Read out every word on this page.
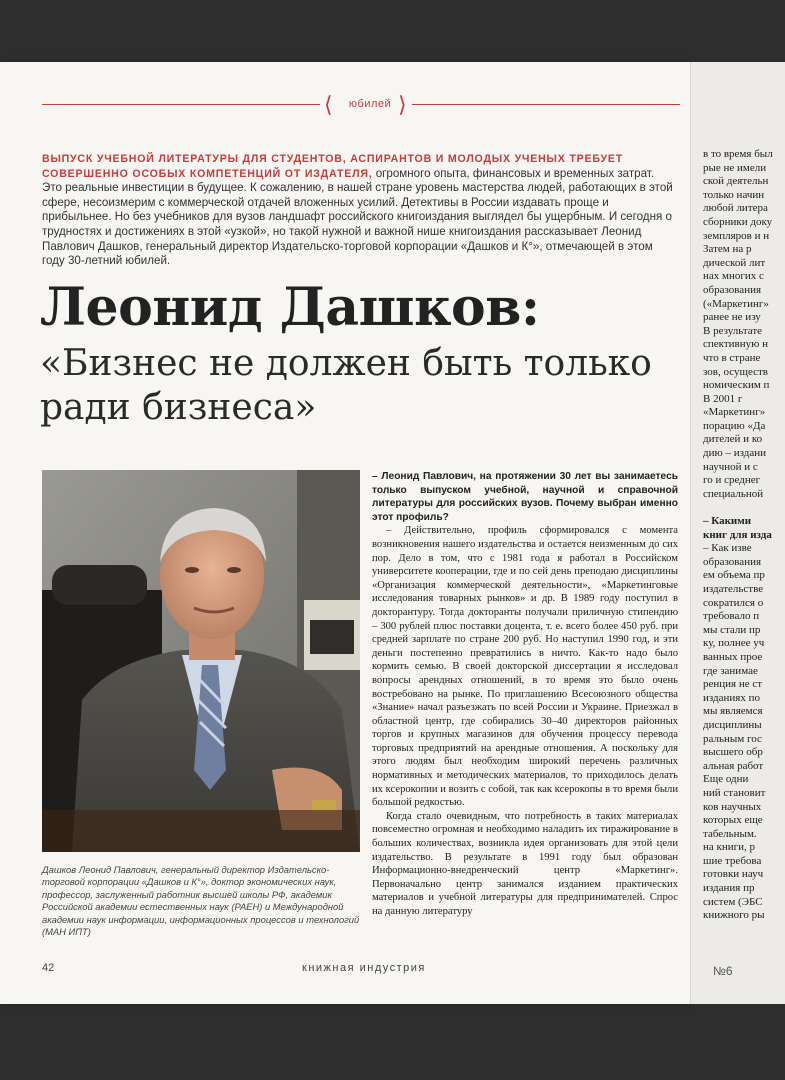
в то время был

рые не имели

ской деятельн

только начин

любой литера

сборники доку

земпляров и н

Затем на р

дической лит

нах многих с

образования

(«Маркетинг»

ранее не изу

В результате

спективную н

что в стране

зов, осуществ

номическим п

В 2001 г

«Маркетинг»

порацию «Да

дителей и ко

дию – издани

научной и с

го и среднег

специальной

– Какими

книг для изда

– Как изве

образования

ем объема пр

издательстве

сократился о

требовало п

мы стали пр

ку, полнее уч

ванных прое

где занимае

ренция не ст

изданиях по

мы являемся

дисциплины

ральным гос

высшего обр

альная работ

Еще одни

ний становит

ков научных

которых еще

табельным.

на книги, р

шие требова

готовки науч

издания пр

систем (ЭБС

книжного ры

№6
⟨	юбилей ⟩
ВЫПУСК УЧЕБНОЙ ЛИТЕРАТУРЫ ДЛЯ СТУДЕНТОВ, АСПИРАНТОВ И МОЛОДЫХ УЧЕНЫХ ТРЕБУЕТ СОВЕРШЕННО ОСОБЫХ КОМПЕТЕНЦИЙ ОТ ИЗДАТЕЛЯ, огромного опыта, финансовых и временных затрат. Это реальные инвестиции в будущее. К сожалению, в нашей стране уровень мастерства людей, работающих в этой сфере, несоизмерим с коммерческой отдачей вложенных усилий. Детективы в России издавать проще и прибыльнее. Но без учебников для вузов ландшафт российского книгоиздания выглядел бы ущербным. И сегодня о трудностях и достижениях в этой «узкой», но такой нужной и важной нише книгоиздания рассказывает Леонид Павлович Дашков, генеральный директор Издательско-торговой корпорации «Дашков и К°», отмечающей в этом году 30-летний юбилей.
Леонид Дашков:
«Бизнес не должен быть только ради бизнеса»
Дашков Леонид Павлович, генеральный директор Издательско-торговой корпорации «Дашков и К°», доктор экономических наук, профессор, заслуженный работник высшей школы РФ, академик Российской академии естественных наук (РАЕН) и Международной академии наук информации, информационных процессов и технологий (МАН ИПТ)

– Леонид Павлович, на протяжении 30 лет вы занимаетесь только выпуском учебной, научной и справочной литературы для российских вузов. Почему выбран именно этот профиль?

– Действительно, профиль сформировался с момента возникновения нашего издательства и остается неизменным до сих пор. Дело в том, что с 1981 года я работал в Российском университете кооперации, где и по сей день преподаю дисциплины «Организация коммерческой деятельности», «Маркетинговые исследования товарных рынков» и др. В 1989 году поступил в докторантуру. Тогда докторанты получали приличную стипендию – 300 рублей плюс поставки доцента, т. е. всего более 450 руб. при средней зарплате по стране 200 руб. Но наступил 1990 год, и эти деньги постепенно превратились в ничто. Как-то надо было кормить семью. В своей докторской диссертации я исследовал вопросы арендных отношений, в то время это было очень востребовано на рынке. По приглашению Всесоюзного общества «Знание» начал разъезжать по всей России и Украине. Приезжал в областной центр, где собирались 30–40 директоров районных торгов и крупных магазинов для обучения процессу перевода торговых предприятий на арендные отношения. А поскольку для этого людям был необходим широкий перечень различных нормативных и методических материалов, то приходилось делать их ксерокопии и возить с собой, так как ксерокопы в то время были большой редкостью.

Когда стало очевидным, что потребность в таких материалах повсеместно огромная и необходимо наладить их тиражирование в больших количествах, возникла идея организовать для этой цели издательство. В результате в 1991 году был образован Информационно-внедренческий центр «Маркетинг». Первоначально центр занимался изданием практических материалов и учебной литературы для предпринимателей. Спрос на данную литературу

42	книжная индустрия
